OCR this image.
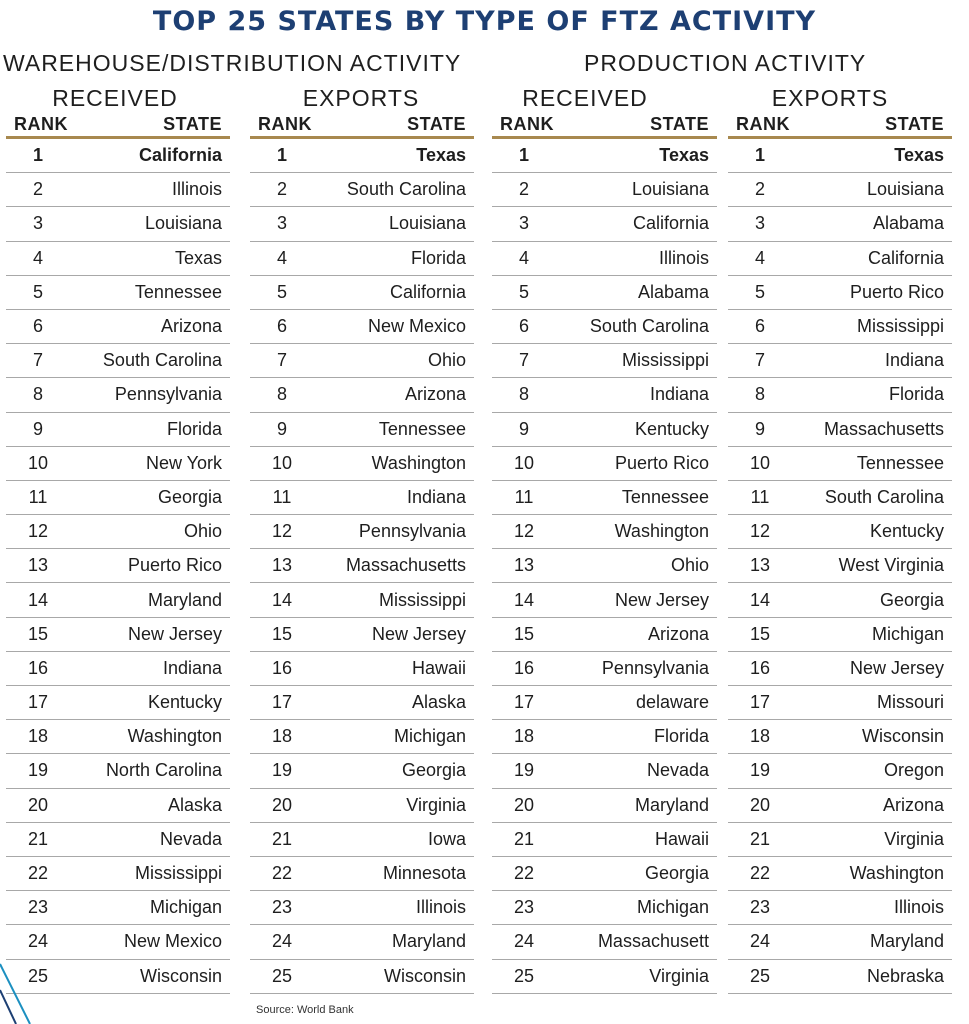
TOP 25 STATES BY TYPE OF FTZ ACTIVITY
WAREHOUSE/DISTRIBUTION ACTIVITY	PRODUCTION ACTIVITY
RECEIVED	EXPORTS	RECEIVED	EXPORTS
RANK	STATE
1	California
2	Illinois
3	Louisiana
4	Texas
5	Tennessee
6	Arizona
7	South Carolina
8	Pennsylvania
9	Florida
10	New York
11	Georgia
12	Ohio
13	Puerto Rico
14	Maryland
15	New Jersey
16	Indiana
17	Kentucky
18	Washington
19	North Carolina
20	Alaska
21	Nevada
22	Mississippi
23	Michigan
24	New Mexico
25	Wisconsin
RANK	STATE
1	Texas
2	South Carolina
3	Louisiana
4	Florida
5	California
6	New Mexico
7	Ohio
8	Arizona
9	Tennessee
10	Washington
11	Indiana
12	Pennsylvania
13	Massachusetts
14	Mississippi
15	New Jersey
16	Hawaii
17	Alaska
18	Michigan
19	Georgia
20	Virginia
21	Iowa
22	Minnesota
23	Illinois
24	Maryland
25	Wisconsin
RANK	STATE
1	Texas
2	Louisiana
3	California
4	Illinois
5	Alabama
6	South Carolina
7	Mississippi
8	Indiana
9	Kentucky
10	Puerto Rico
11	Tennessee
12	Washington
13	Ohio
14	New Jersey
15	Arizona
16	Pennsylvania
17	delaware
18	Florida
19	Nevada
20	Maryland
21	Hawaii
22	Georgia
23	Michigan
24	Massachusett
25	Virginia
RANK	STATE
1	Texas
2	Louisiana
3	Alabama
4	California
5	Puerto Rico
6	Mississippi
7	Indiana
8	Florida
9	Massachusetts
10	Tennessee
11	South Carolina
12	Kentucky
13	West Virginia
14	Georgia
15	Michigan
16	New Jersey
17	Missouri
18	Wisconsin
19	Oregon
20	Arizona
21	Virginia
22	Washington
23	Illinois
24	Maryland
25	Nebraska
Source: World Bank
